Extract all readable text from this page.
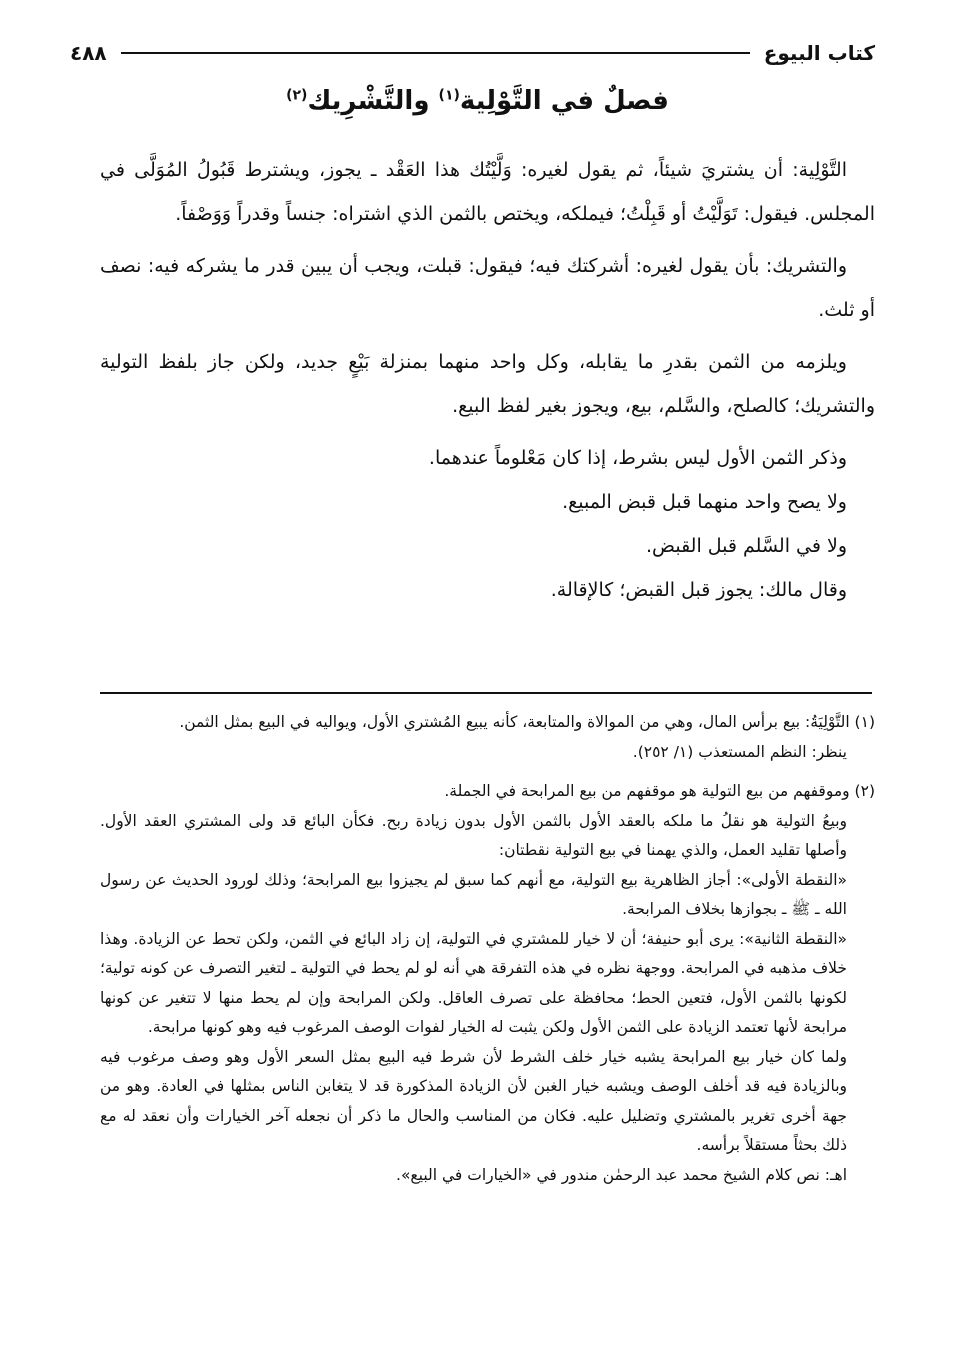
كتاب البيوع
٤٨٨
فصلٌ في التَّوْلِية$^{(١)}$ والتَّشْرِيك$^{(٢)}$

التَّوْلِية: أن يشتريَ شيئاً، ثم يقول لغيره: وَلَّيْتُك هذا العَقْد ـ يجوز، ويشترط قَبُولُ المُوَلَّى في المجلس. فيقول: تَوَلَّيْتُ أو قَبِلْتُ؛ فيملكه، ويختص بالثمن الذي اشتراه: جنساً وقدراً وَوَصْفاً.

والتشريك: بأن يقول لغيره: أشركتك فيه؛ فيقول: قبلت، ويجب أن يبين قدر ما يشركه فيه: نصف أو ثلث.

ويلزمه من الثمن بقدرِ ما يقابله، وكل واحد منهما بمنزلة بَيْعٍ جديد، ولكن جاز بلفظ التولية والتشريك؛ كالصلح، والسَّلم، بيع، ويجوز بغير لفظ البيع.

وذكر الثمن الأول ليس بشرط، إذا كان مَعْلوماً عندهما.

ولا يصح واحد منهما قبل قبض المبيع.

ولا في السَّلم قبل القبض.

وقال مالك: يجوز قبل القبض؛ كالإقالة.

(١) التَّوْلِيَةُ: بيع برأس المال، وهي من الموالاة والمتابعة، كأنه يبيع المُشتري الأول، ويواليه في البيع بمثل الثمن.

ينظر: النظم المستعذب (١/ ٢٥٢).

(٢) وموقفهم من بيع التولية هو موقفهم من بيع المرابحة في الجملة.

وبيعُ التولية هو نقلُ ما ملكه بالعقد الأول بالثمن الأول بدون زيادة ربح. فكأن البائع قد ولى المشتري العقد الأول. وأصلها تقليد العمل، والذي يهمنا في بيع التولية نقطتان:

«النقطة الأولى»: أجاز الظاهرية بيع التولية، مع أنهم كما سبق لم يجيزوا بيع المرابحة؛ وذلك لورود الحديث عن رسول الله ـ ﷺ ـ بجوازها بخلاف المرابحة.

«النقطة الثانية»: يرى أبو حنيفة؛ أن لا خيار للمشتري في التولية، إن زاد البائع في الثمن، ولكن تحط عن الزيادة. وهذا خلاف مذهبه في المرابحة. ووجهة نظره في هذه التفرقة هي أنه لو لم يحط في التولية ـ لتغير التصرف عن كونه تولية؛ لكونها بالثمن الأول، فتعين الحط؛ محافظة على تصرف العاقل. ولكن المرابحة وإن لم يحط منها لا تتغير عن كونها مرابحة لأنها تعتمد الزيادة على الثمن الأول ولكن يثبت له الخيار لفوات الوصف المرغوب فيه وهو كونها مرابحة.

ولما كان خيار بيع المرابحة يشبه خيار خلف الشرط لأن شرط فيه البيع بمثل السعر الأول وهو وصف مرغوب فيه وبالزيادة فيه قد أخلف الوصف ويشبه خيار الغبن لأن الزيادة المذكورة قد لا يتغابن الناس بمثلها في العادة. وهو من جهة أخرى تغرير بالمشتري وتضليل عليه. فكان من المناسب والحال ما ذكر أن نجعله آخر الخيارات وأن نعقد له مع ذلك بحثاً مستقلاً برأسه.

اهـ: نص كلام الشيخ محمد عبد الرحمٰن مندور في «الخيارات في البيع».
